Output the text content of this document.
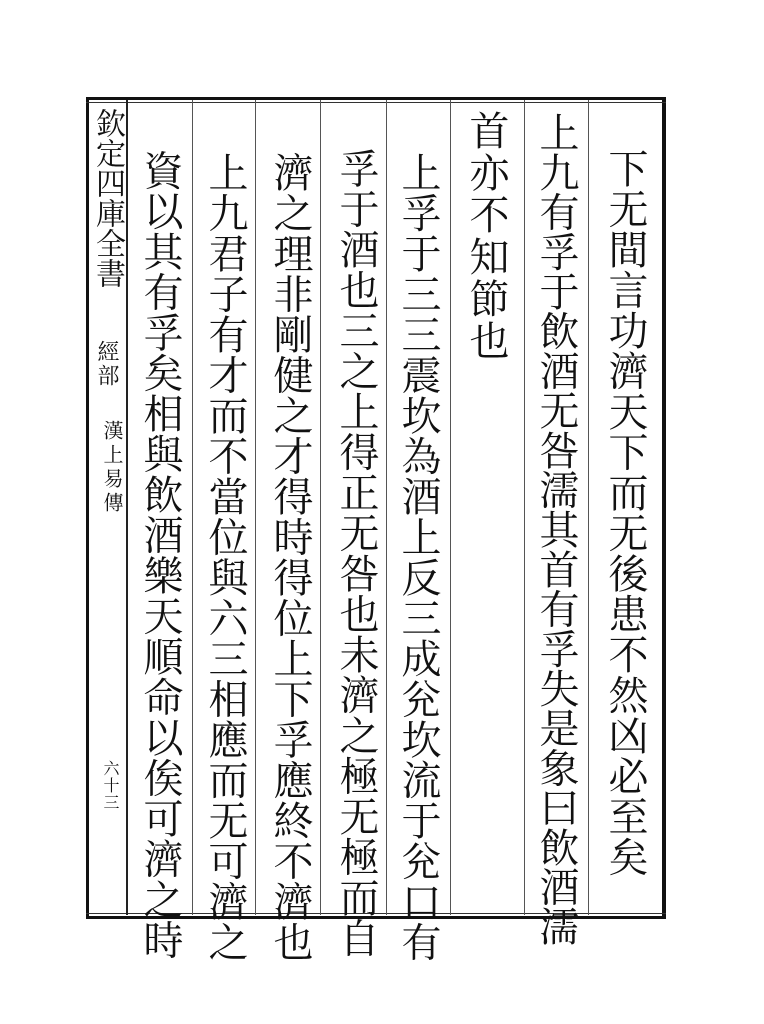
欽定四庫全書
經部
漢上易傳
六十三	下无間言功濟天下而无後患不然凶必至矣
上九有孚于飲酒无咎濡其首有孚失是象曰飲酒濡
首亦不知節也
上孚于三三震坎為酒上反三成兊坎流于兊口有
孚于酒也三之上得正无咎也未濟之極无極而自
濟之理非剛健之才得時得位上下孚應終不濟也
上九君子有才而不當位與六三相應而无可濟之
資以其有孚矣相與飲酒樂天順命以俟可濟之時
